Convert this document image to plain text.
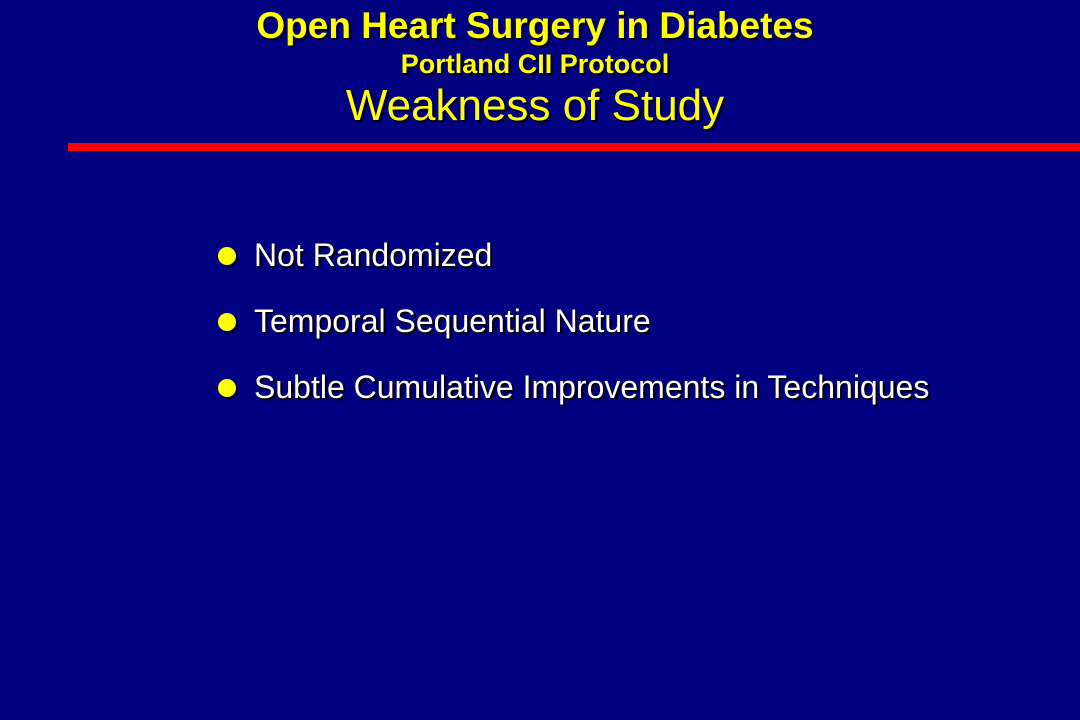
Open Heart Surgery in Diabetes
Portland CII Protocol
Weakness of Study
Not Randomized
Temporal Sequential Nature
Subtle Cumulative Improvements in Techniques
